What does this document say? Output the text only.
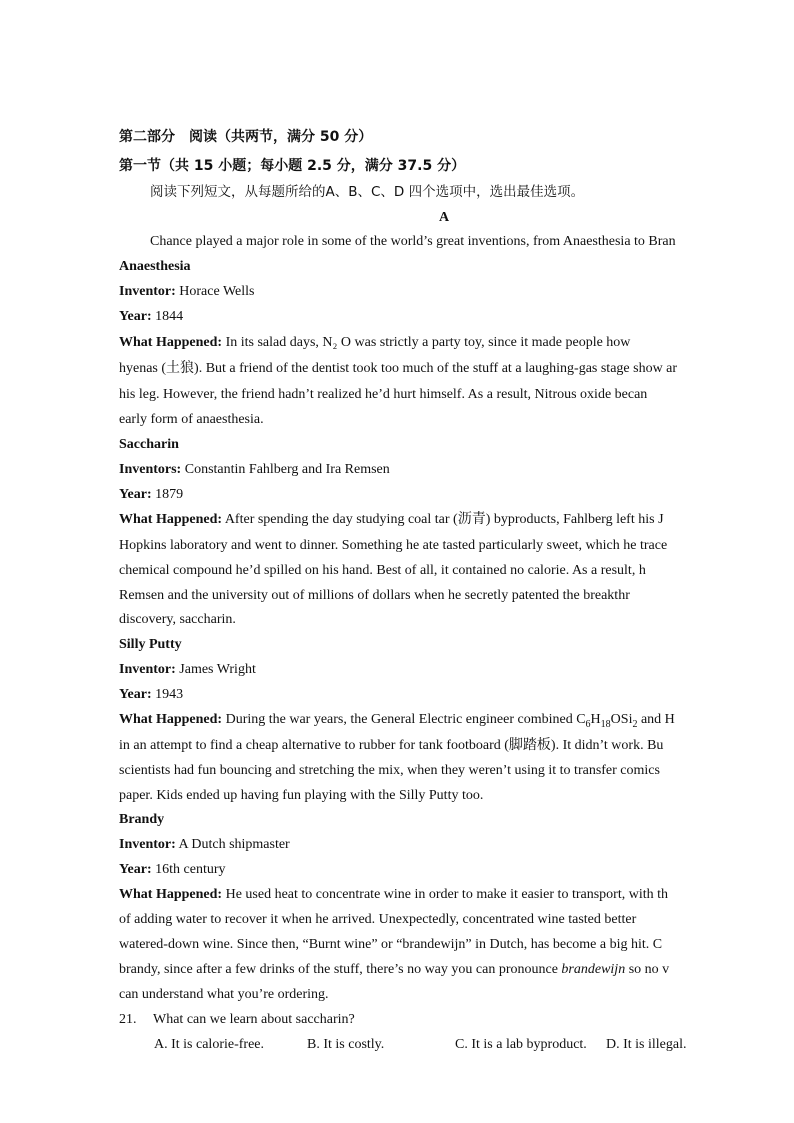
第二部分　阅读（共两节，满分 50 分）
第一节（共 15 小题；每小题 2.5 分，满分 37.5 分）
阅读下列短文，从每题所给的A、B、C、D 四个选项中，选出最佳选项。
A
Chance played a major role in some of the world’s great inventions, from Anaesthesia to Bran
Anaesthesia
Inventor: Horace Wells
Year: 1844
What Happened: In its salad days, N₂ O was strictly a party toy, since it made people how
hyenas (土狼). But a friend of the dentist took too much of the stuff at a laughing-gas stage show ar
his leg. However, the friend hadn’t realized he’d hurt himself. As a result, Nitrous oxide becan
early form of anaesthesia.
Saccharin
Inventors: Constantin Fahlberg and Ira Remsen
Year: 1879
What Happened: After spending the day studying coal tar (沥青) byproducts, Fahlberg left his J
Hopkins laboratory and went to dinner. Something he ate tasted particularly sweet, which he trace
chemical compound he’d spilled on his hand. Best of all, it contained no calorie. As a result, h
Remsen and the university out of millions of dollars when he secretly patented the breakthr
discovery, saccharin.
Silly Putty
Inventor: James Wright
Year: 1943
What Happened: During the war years, the General Electric engineer combined $C_6H_{18}OSi_2$ and H
in an attempt to find a cheap alternative to rubber for tank footboard (脚踏板). It didn’t work. Bu
scientists had fun bouncing and stretching the mix, when they weren’t using it to transfer comics
paper. Kids ended up having fun playing with the Silly Putty too.
Brandy
Inventor: A Dutch shipmaster
Year: 16th century
What Happened: He used heat to concentrate wine in order to make it easier to transport, with th
of adding water to recover it when he arrived. Unexpectedly, concentrated wine tasted better
watered-down wine. Since then, “Burnt wine” or “brandewijn” in Dutch, has become a big hit. C
brandy, since after a few drinks of the stuff, there’s no way you can pronounce brandewijn so no v
can understand what you’re ordering.
21. What can we learn about saccharin?
A. It is calorie-free.	B. It is costly.	C. It is a lab byproduct. D. It is illegal.
